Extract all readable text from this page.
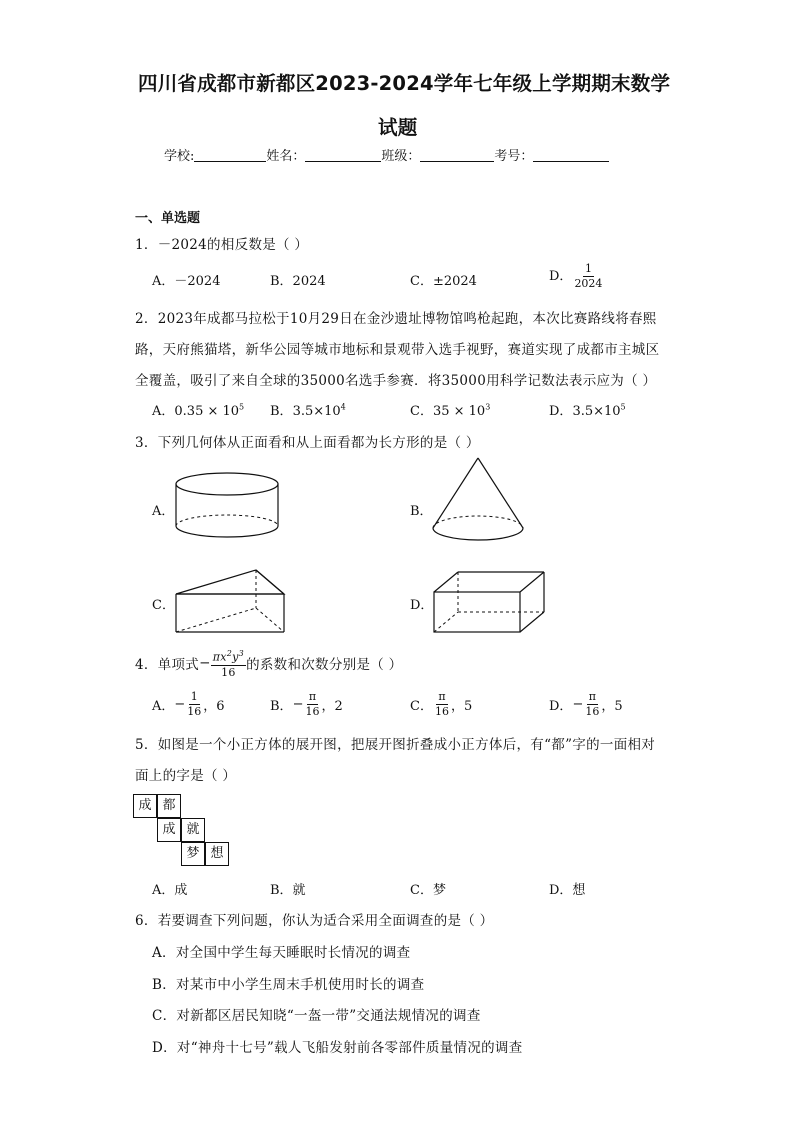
四川省成都市新都区2023-2024学年七年级上学期期末数学
试题
学校:	姓名：	班级：	考号：
一、单选题
1．－2024的相反数是（ ）
A．－2024	B．2024	C．±2024	D． $\frac{1}{2024}$
2．2023年成都马拉松于10月29日在金沙遗址博物馆鸣枪起跑，本次比赛路线将春熙
路，天府熊猫塔，新华公园等城市地标和景观带入选手视野，赛道实现了成都市主城区
全覆盖，吸引了来自全球的35000名选手参赛．将35000用科学记数法表示应为（ ）
A．$0.35 \times 10^5$ B．$3.5\times 10^4$	C．$35 \times 10^3$	D．$3.5\times 10^5$
3．下列几何体从正面看和从上面看都为长方形的是（ ）
A．	B．
C．	D．
4．单项式 − $\frac{\pi x^2y^3}{16}$ 的系数和次数分别是（ ）
A． − $\frac{1}{16}$ ，6	B． − $\frac{\pi}{16}$ ，2	C． $\frac{\pi}{16}$ ，5	D． − $\frac{\pi}{16}$ ，5
5．如图是一个小正方体的展开图，把展开图折叠成小正方体后，有“都”字的一面相对
面上的字是（ ）
成 都
成 就
梦 想
A．成	B．就	C．梦	D．想
6．若要调查下列问题，你认为适合采用全面调查的是（ ）
A．对全国中学生每天睡眠时长情况的调查
B．对某市中小学生周末手机使用时长的调查
C．对新都区居民知晓“一盔一带”交通法规情况的调查
D．对“神舟十七号”载人飞船发射前各零部件质量情况的调查
